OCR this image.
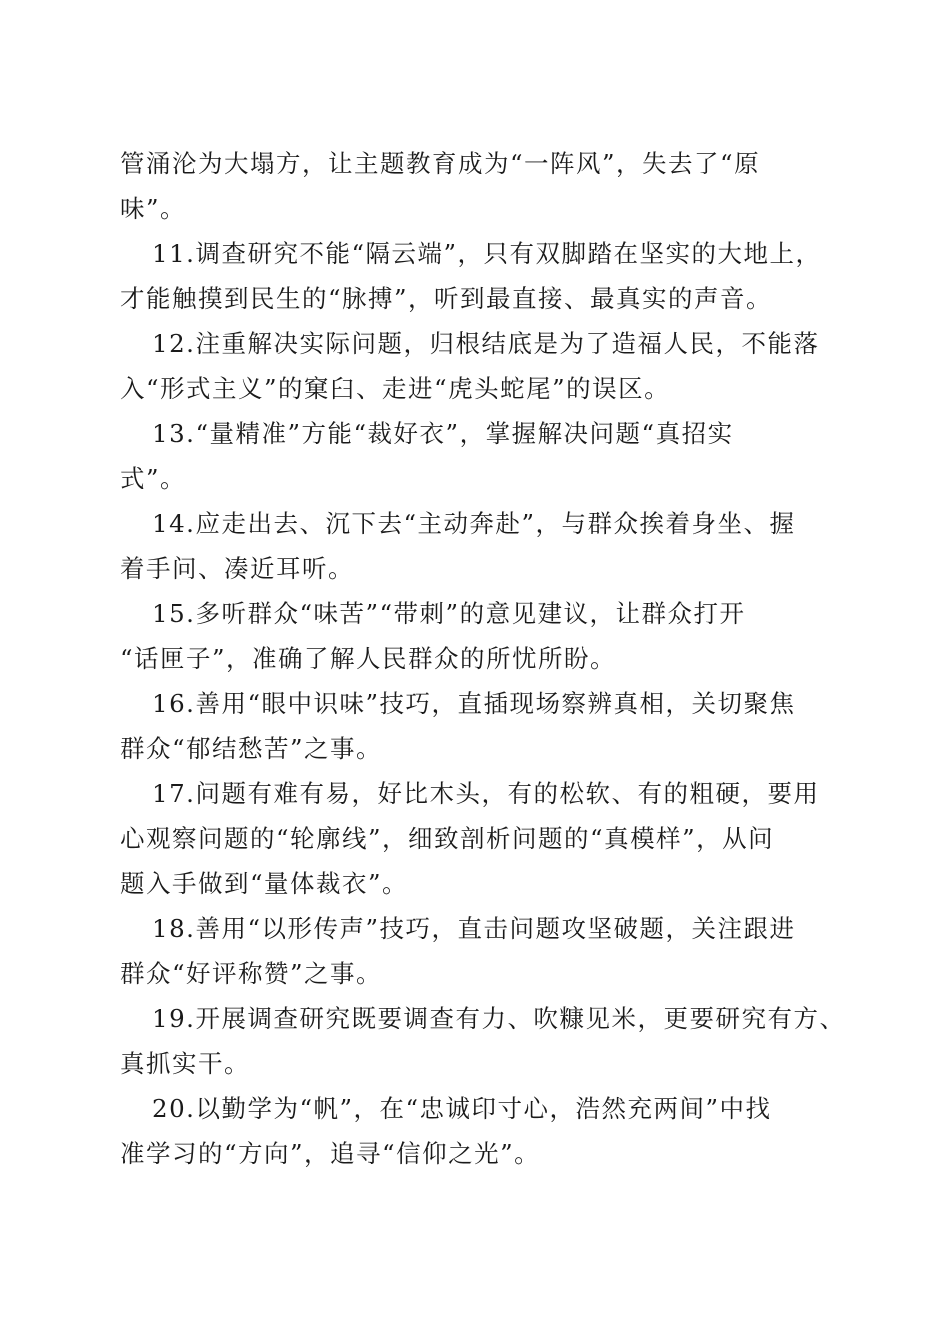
管涌沦为大塌方，让主题教育成为“一阵风”，失去了“原
味”。
11.调查研究不能“隔云端”，只有双脚踏在坚实的大地上，
才能触摸到民生的“脉搏”，听到最直接、最真实的声音。
12.注重解决实际问题，归根结底是为了造福人民，不能落
入“形式主义”的窠臼、走进“虎头蛇尾”的误区。
13.“量精准”方能“裁好衣”，掌握解决问题“真招实
式”。
14.应走出去、沉下去“主动奔赴”，与群众挨着身坐、握
着手问、凑近耳听。
15.多听群众“味苦”“带刺”的意见建议，让群众打开
“话匣子”，准确了解人民群众的所忧所盼。
16.善用“眼中识味”技巧，直插现场察辨真相，关切聚焦
群众“郁结愁苦”之事。
17.问题有难有易，好比木头，有的松软、有的粗硬，要用
心观察问题的“轮廓线”，细致剖析问题的“真模样”，从问
题入手做到“量体裁衣”。
18.善用“以形传声”技巧，直击问题攻坚破题，关注跟进
群众“好评称赞”之事。
19.开展调查研究既要调查有力、吹糠见米，更要研究有方、
真抓实干。
20.以勤学为“帆”，在“忠诚印寸心，浩然充两间”中找
准学习的“方向”，追寻“信仰之光”。
